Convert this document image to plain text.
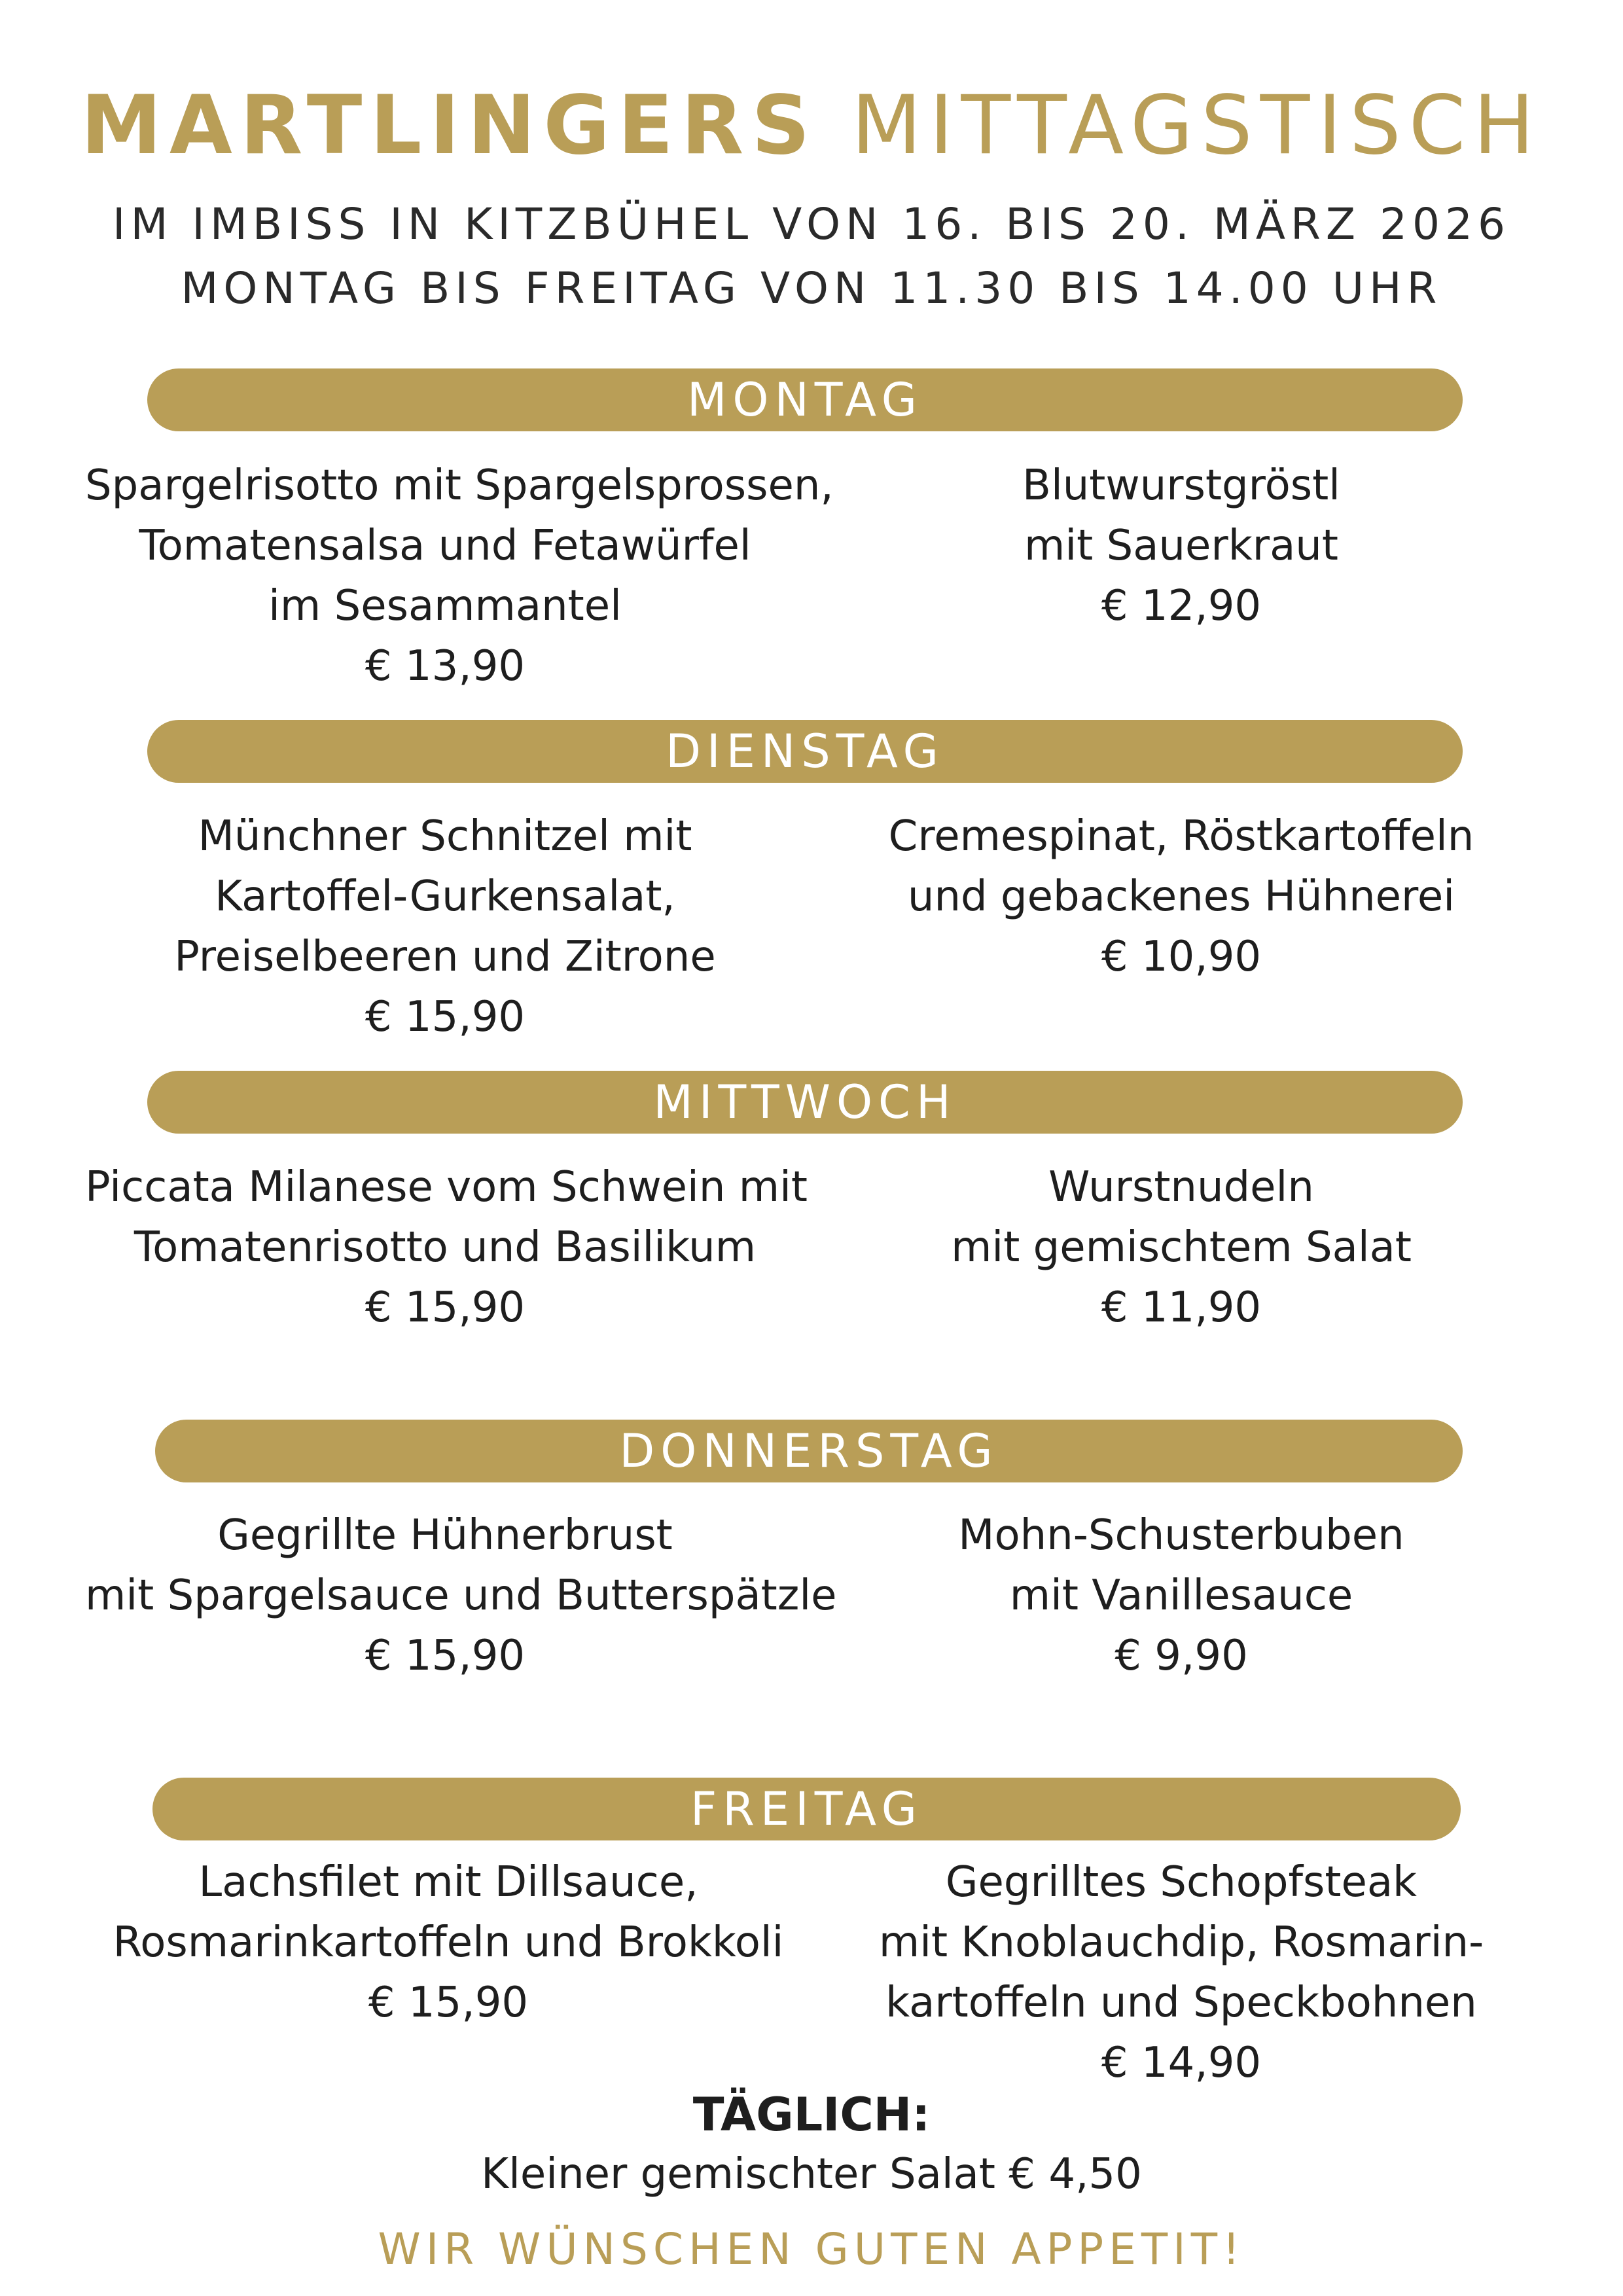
MARTLINGERS MITTAGSTISCH
IM IMBISS IN KITZBÜHEL VON 16. BIS 20. MÄRZ 2026
MONTAG BIS FREITAG VON 11.30 BIS 14.00 UHR
MONTAG
Spargelrisotto mit Spargelsprossen,
Tomatensalsa und Fetawürfel
im Sesammantel
€ 13,90
Blutwurstgröstl
mit Sauerkraut
€ 12,90
DIENSTAG
Münchner Schnitzel mit
Kartoffel-Gurkensalat,
Preiselbeeren und Zitrone
€ 15,90
Cremespinat, Röstkartoffeln
und gebackenes Hühnerei
€ 10,90
MITTWOCH
Piccata Milanese vom Schwein mit
Tomatenrisotto und Basilikum
€ 15,90
Wurstnudeln
mit gemischtem Salat
€ 11,90
DONNERSTAG
Gegrillte Hühnerbrust
mit Spargelsauce und Butterspätzle
€ 15,90
Mohn-Schusterbuben
mit Vanillesauce
€ 9,90
FREITAG
Lachsfilet mit Dillsauce,
Rosmarinkartoffeln und Brokkoli
€ 15,90
Gegrilltes Schopfsteak
mit Knoblauchdip, Rosmarin-
kartoffeln und Speckbohnen
€ 14,90
TÄGLICH:
Kleiner gemischter Salat € 4,50
WIR WÜNSCHEN GUTEN APPETIT!
